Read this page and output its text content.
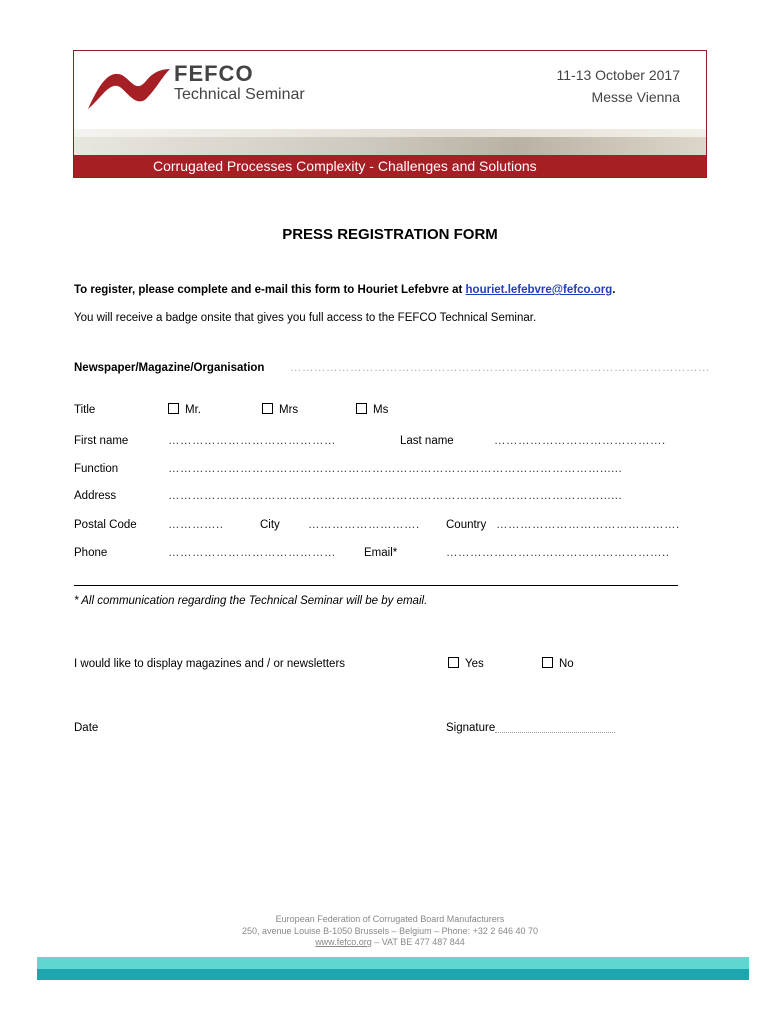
FEFCO
Technical Seminar
11-13 October 2017
Messe Vienna
Corrugated Processes Complexity - Challenges and Solutions
PRESS REGISTRATION FORM
To register, please complete and e-mail this form to Houriet Lefebvre at houriet.lefebvre@fefco.org.
You will receive a badge onsite that gives you full access to the FEFCO Technical Seminar.
Newspaper/Magazine/Organisation ……………………………………………………………………………………………
Title	Mr.	Mrs	Ms
First name	……………………………………	Last name	…………………………………….
Function	………………………………………………………………………………………………......
Address	………………………………………………………………………………………………......
Postal Code	…………..	City ………………………. Country ……………………………………….
Phone	…………………………………… Email*	………………………………………………..
* All communication regarding the Technical Seminar will be by email.
I would like to display magazines and / or newsletters	Yes	No
Date	Signature
European Federation of Corrugated Board Manufacturers
250, avenue Louise B-1050 Brussels – Belgium – Phone: +32 2 646 40 70
www.fefco.org – VAT BE 477 487 844
